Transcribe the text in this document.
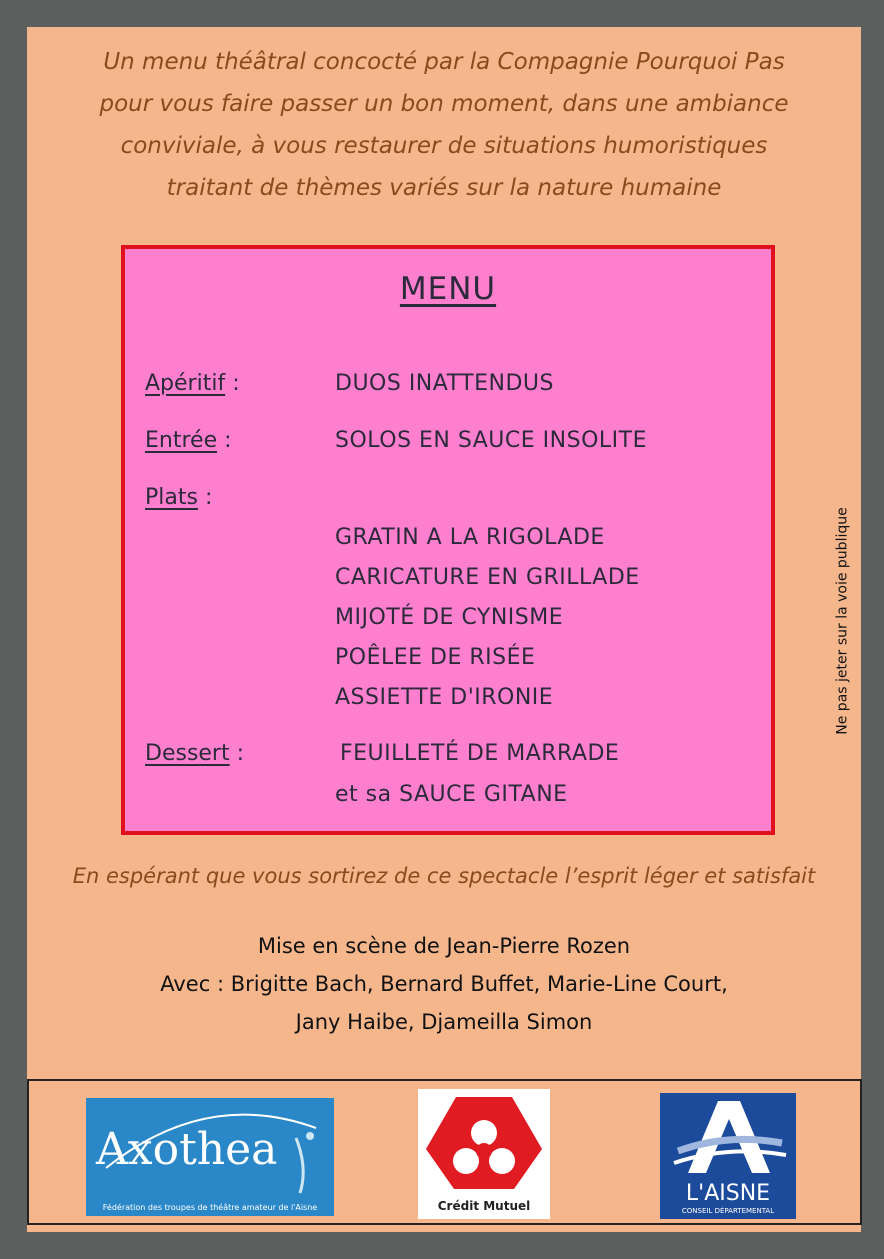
Un menu théâtral concocté par la Compagnie Pourquoi Pas
pour vous faire passer un bon moment, dans une ambiance
conviviale, à vous restaurer de situations humoristiques
traitant de thèmes variés sur la nature humaine
MENU
Apéritif :	DUOS INATTENDUS
Entrée :	SOLOS EN SAUCE INSOLITE
Plats :
GRATIN A LA RIGOLADE
CARICATURE EN GRILLADE
MIJOTÉ DE CYNISME
POÊLEE DE RISÉE
ASSIETTE D'IRONIE
Dessert :	FEUILLETÉ DE MARRADE
et sa SAUCE GITANE
Ne pas jeter sur la voie publique
En espérant que vous sortirez de ce spectacle l’esprit léger et satisfait
Mise en scène de Jean-Pierre Rozen
Avec : Brigitte Bach, Bernard Buffet, Marie-Line Court,
Jany Haibe, Djameilla Simon
Axothea
Fédération des troupes de théâtre amateur de l'Aisne	Crédit Mutuel	L'AISNE
CONSEIL DÉPARTEMENTAL
